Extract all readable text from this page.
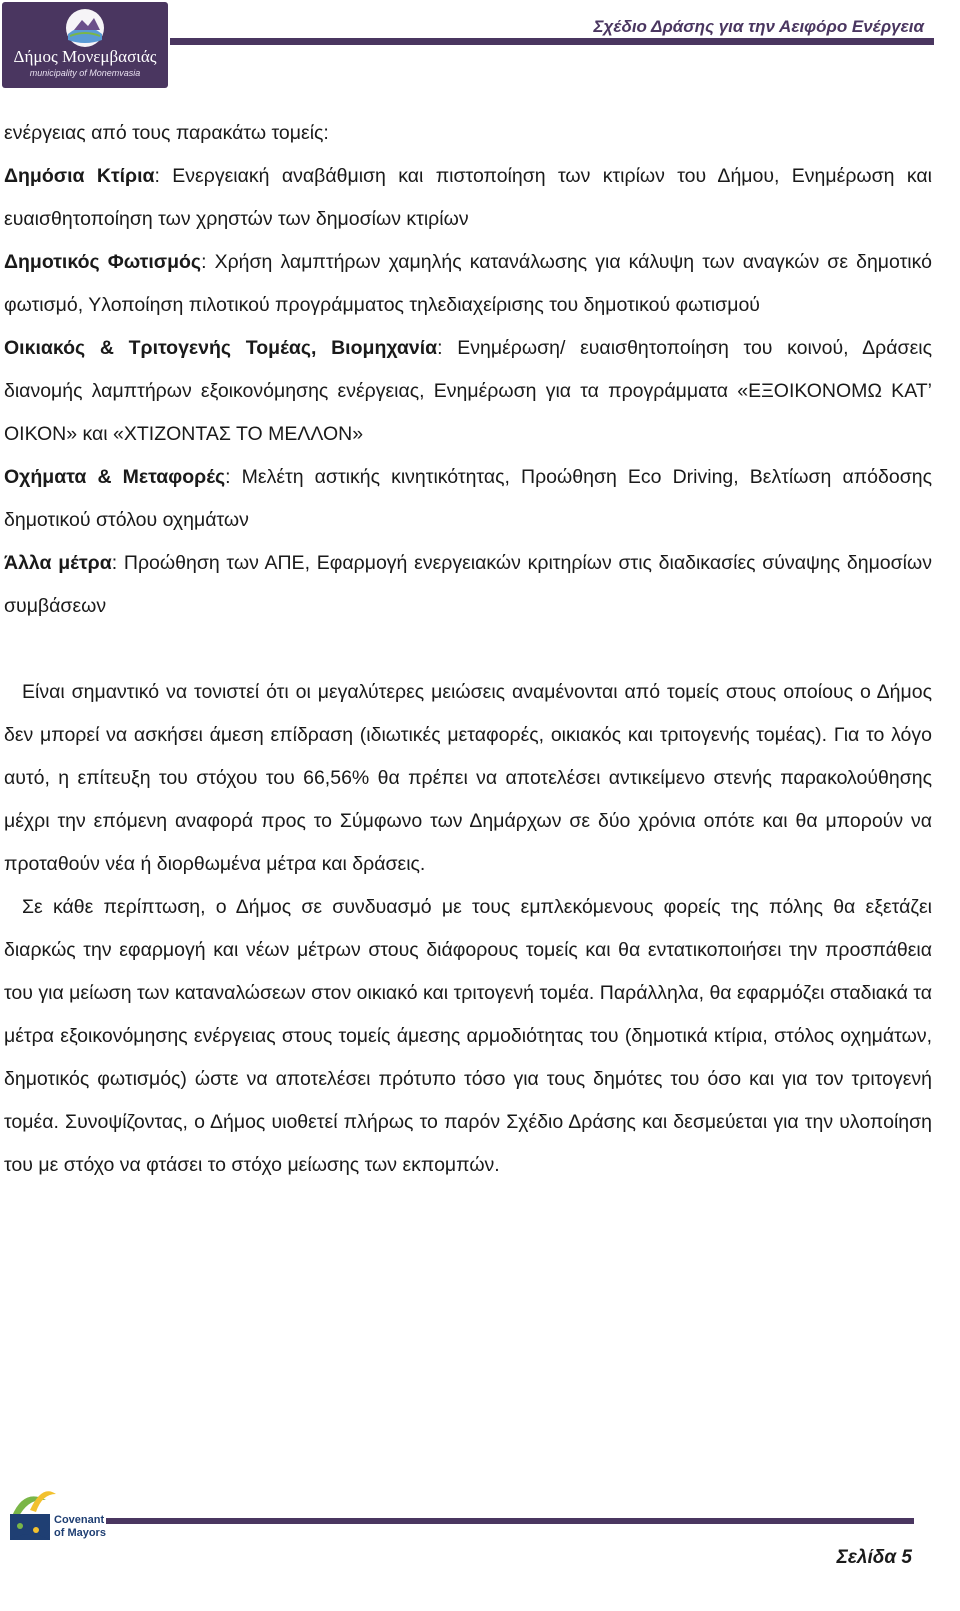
Δήμος Μονεμβασιάς
municipality of Monemvasia
Σχέδιο Δράσης για την Αειφόρο Ενέργεια

ενέργειας από τους παρακάτω τομείς:

Δημόσια Κτίρια: Ενεργειακή αναβάθμιση και πιστοποίηση των κτιρίων του Δήμου, Ενημέρωση και ευαισθητοποίηση των χρηστών των δημοσίων κτιρίων

Δημοτικός Φωτισμός: Χρήση λαμπτήρων χαμηλής κατανάλωσης για κάλυψη των αναγκών σε δημοτικό φωτισμό, Υλοποίηση πιλοτικού προγράμματος τηλεδιαχείρισης του δημοτικού φωτισμού

Οικιακός & Τριτογενής Τομέας, Βιομηχανία: Ενημέρωση/ ευαισθητοποίηση του κοινού, Δράσεις διανομής λαμπτήρων εξοικονόμησης ενέργειας, Ενημέρωση για τα προγράμματα «ΕΞΟΙΚΟΝΟΜΩ ΚΑΤ’ ΟΙΚΟΝ» και «ΧΤΙΖΟΝΤΑΣ ΤΟ ΜΕΛΛΟΝ»

Οχήματα & Μεταφορές: Μελέτη αστικής κινητικότητας, Προώθηση Eco Driving, Βελτίωση απόδοσης δημοτικού στόλου οχημάτων

Άλλα μέτρα: Προώθηση των ΑΠΕ, Εφαρμογή ενεργειακών κριτηρίων στις διαδικασίες σύναψης δημοσίων συμβάσεων

Είναι σημαντικό να τονιστεί ότι οι μεγαλύτερες μειώσεις αναμένονται από τομείς στους οποίους ο Δήμος δεν μπορεί να ασκήσει άμεση επίδραση (ιδιωτικές μεταφορές, οικιακός και τριτογενής τομέας). Για το λόγο αυτό, η επίτευξη του στόχου του 66,56% θα πρέπει να αποτελέσει αντικείμενο στενής παρακολούθησης μέχρι την επόμενη αναφορά προς το Σύμφωνο των Δημάρχων σε δύο χρόνια οπότε και θα μπορούν να προταθούν νέα ή διορθωμένα μέτρα και δράσεις.

Σε κάθε περίπτωση, ο Δήμος σε συνδυασμό με τους εμπλεκόμενους φορείς της πόλης θα εξετάζει διαρκώς την εφαρμογή και νέων μέτρων στους διάφορους τομείς και θα εντατικοποιήσει την προσπάθεια του για μείωση των καταναλώσεων στον οικιακό και τριτογενή τομέα. Παράλληλα, θα εφαρμόζει σταδιακά τα μέτρα εξοικονόμησης ενέργειας στους τομείς άμεσης αρμοδιότητας του (δημοτικά κτίρια, στόλος οχημάτων, δημοτικός φωτισμός) ώστε να αποτελέσει πρότυπο τόσο για τους δημότες του όσο και για τον τριτογενή τομέα. Συνοψίζοντας, ο Δήμος υιοθετεί πλήρως το παρόν Σχέδιο Δράσης και δεσμεύεται για την υλοποίηση του με στόχο να φτάσει το στόχο μείωσης των εκπομπών.

Covenant
of Mayors
Σελίδα 5
